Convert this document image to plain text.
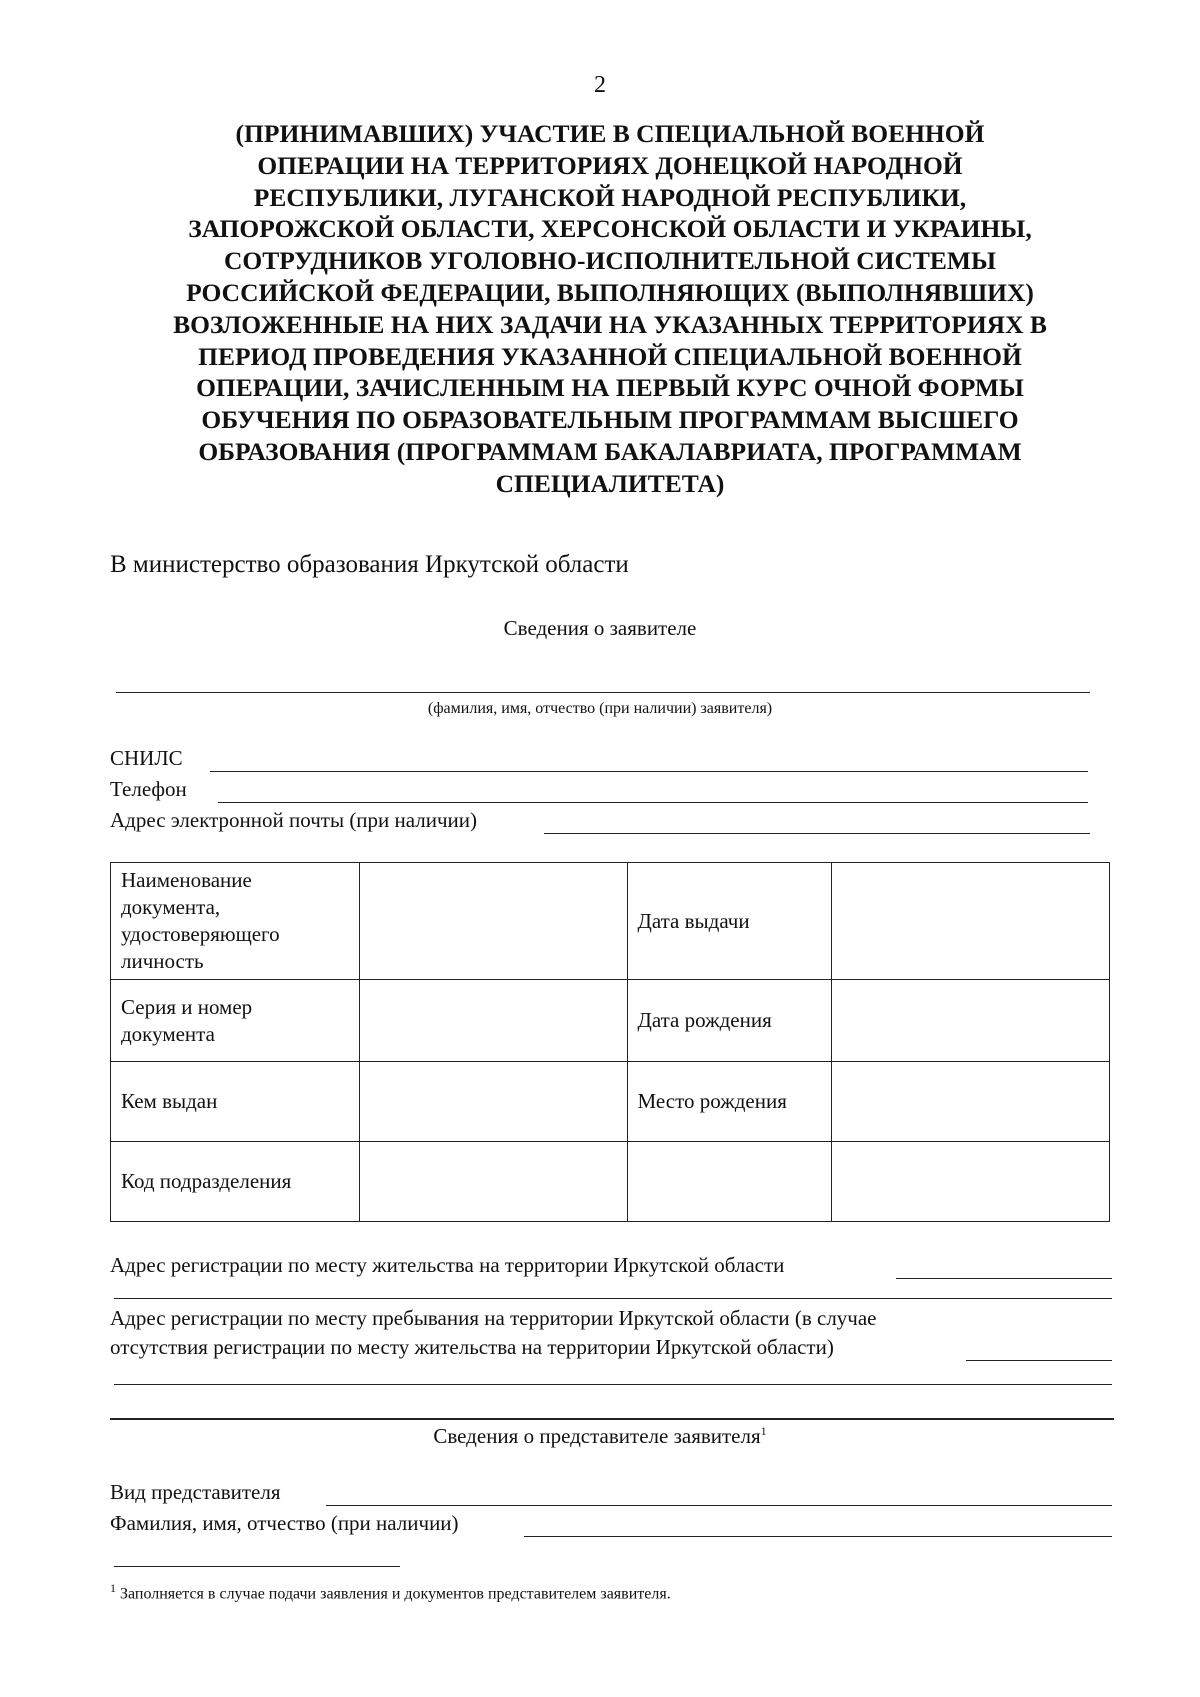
2
(ПРИНИМАВШИХ) УЧАСТИЕ В СПЕЦИАЛЬНОЙ ВОЕННОЙ
ОПЕРАЦИИ НА ТЕРРИТОРИЯХ ДОНЕЦКОЙ НАРОДНОЙ
РЕСПУБЛИКИ, ЛУГАНСКОЙ НАРОДНОЙ РЕСПУБЛИКИ,
ЗАПОРОЖСКОЙ ОБЛАСТИ, ХЕРСОНСКОЙ ОБЛАСТИ И УКРАИНЫ,
СОТРУДНИКОВ УГОЛОВНО-ИСПОЛНИТЕЛЬНОЙ СИСТЕМЫ
РОССИЙСКОЙ ФЕДЕРАЦИИ, ВЫПОЛНЯЮЩИХ (ВЫПОЛНЯВШИХ)
ВОЗЛОЖЕННЫЕ НА НИХ ЗАДАЧИ НА УКАЗАННЫХ ТЕРРИТОРИЯХ В
ПЕРИОД ПРОВЕДЕНИЯ УКАЗАННОЙ СПЕЦИАЛЬНОЙ ВОЕННОЙ
ОПЕРАЦИИ, ЗАЧИСЛЕННЫМ НА ПЕРВЫЙ КУРС ОЧНОЙ ФОРМЫ
ОБУЧЕНИЯ ПО ОБРАЗОВАТЕЛЬНЫМ ПРОГРАММАМ ВЫСШЕГО
ОБРАЗОВАНИЯ (ПРОГРАММАМ БАКАЛАВРИАТА, ПРОГРАММАМ
СПЕЦИАЛИТЕТА)
В министерство образования Иркутской области
Сведения о заявителе
(фамилия, имя, отчество (при наличии) заявителя)
СНИЛС
Телефон
Адрес электронной почты (при наличии)
Наименование документа, удостоверяющего личность		Дата выдачи	
Серия и номер документа		Дата рождения	
Кем выдан		Место рождения	
Код подразделения			
Адрес регистрации по месту жительства на территории Иркутской области
Адрес регистрации по месту пребывания на территории Иркутской области (в случае
отсутствия регистрации по месту жительства на территории Иркутской области)
Сведения о представителе заявителя$^1$
Вид представителя
Фамилия, имя, отчество (при наличии)
$^1$ Заполняется в случае подачи заявления и документов представителем заявителя.
